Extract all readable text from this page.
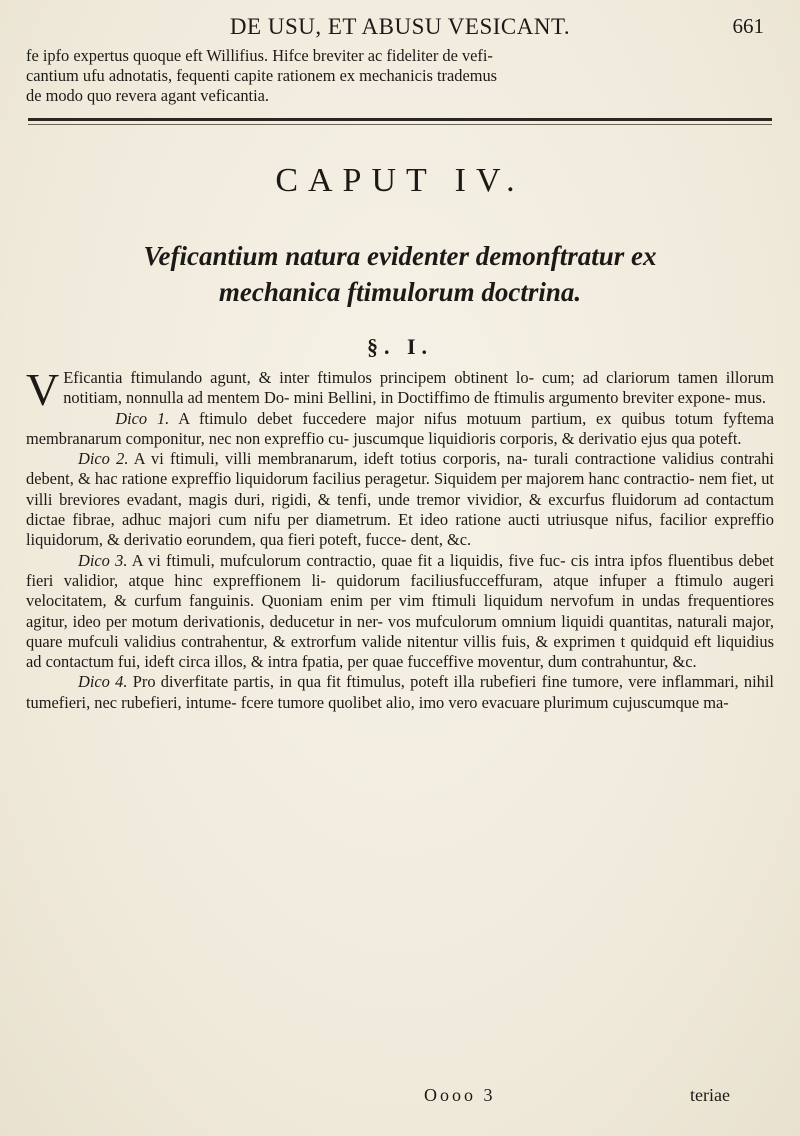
DE USU, ET ABUSU VESICANT.	661

fe ipfo expertus quoque eft Willifius. Hifce breviter ac fideliter de vefi-

cantium ufu adnotatis, fequenti capite rationem ex mechanicis trademus

de modo quo revera agant veficantia.

CAPUT IV.
Veficantium natura evidenter demonftratur ex
mechanica ftimulorum doctrina.
§. I.

V Eficantia ftimulando agunt, & inter ftimulos principem obtinent lo- cum; ad clariorum tamen illorum notitiam, nonnulla ad mentem Do- mini Bellini, in Doctiffimo de ftimulis argumento breviter expone- mus.

Dico 1. A ftimulo debet fuccedere major nifus motuum partium, ex quibus totum fyftema membranarum componitur, nec non expreffio cu- juscumque liquidioris corporis, & derivatio ejus qua poteft.

Dico 2. A vi ftimuli, villi membranarum, ideft totius corporis, na- turali contractione validius contrahi debent, & hac ratione expreffio liquidorum facilius peragetur. Siquidem per majorem hanc contractio- nem fiet, ut villi breviores evadant, magis duri, rigidi, & tenfi, unde tremor vividior, & excurfus fluidorum ad contactum dictae fibrae, adhuc majori cum nifu per diametrum. Et ideo ratione aucti utriusque nifus, facilior expreffio liquidorum, & derivatio eorundem, qua fieri poteft, fucce- dent, &c.

Dico 3. A vi ftimuli, mufculorum contractio, quae fit a liquidis, five fuc- cis intra ipfos fluentibus debet fieri validior, atque hinc expreffionem li- quidorum faciliusfucceffuram, atque infuper a ftimulo augeri velocitatem, & curfum fanguinis. Quoniam enim per vim ftimuli liquidum nervofum in undas frequentiores agitur, ideo per motum derivationis, deducetur in ner- vos mufculorum omnium liquidi quantitas, naturali major, quare mufculi validius contrahentur, & extrorfum valide nitentur villis fuis, & exprimen t quidquid eft liquidius ad contactum fui, ideft circa illos, & intra fpatia, per quae fucceffive moventur, dum contrahuntur, &c.

Dico 4. Pro diverfitate partis, in qua fit ftimulus, poteft illa rubefieri fine tumore, vere inflammari, nihil tumefieri, nec rubefieri, intume- fcere tumore quolibet alio, imo vero evacuare plurimum cujuscumque ma-

Oooo 3	teriae
